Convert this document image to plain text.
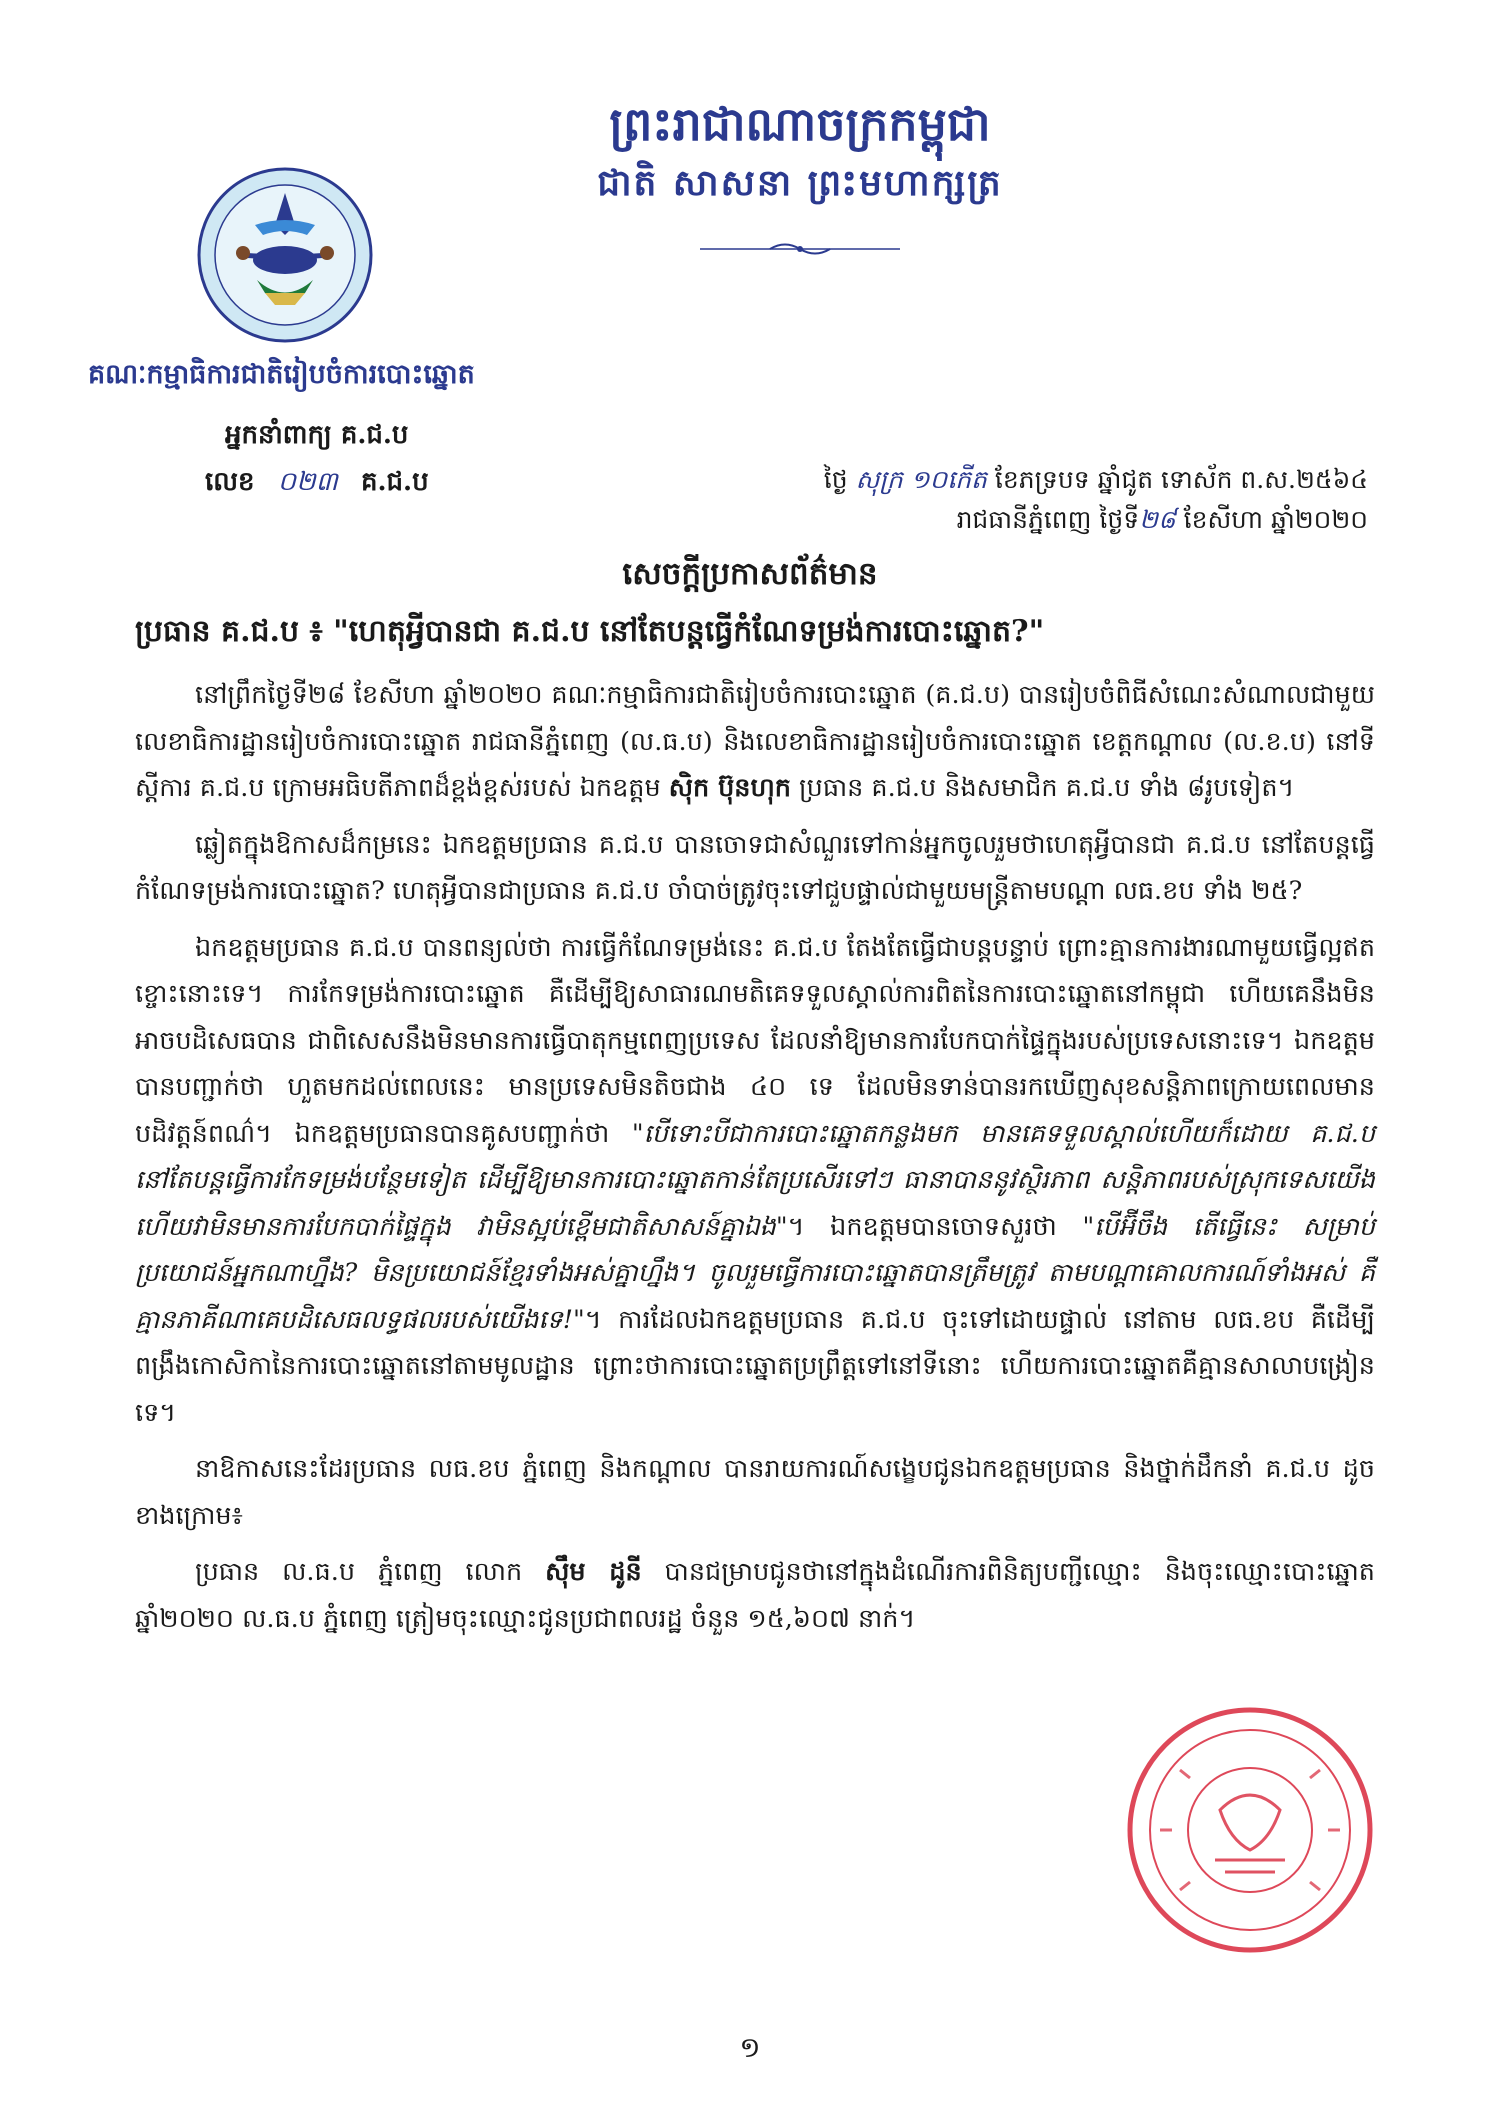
ព្រះរាជាណាចក្រកម្ពុជា
ជាតិ សាសនា ព្រះមហាក្សត្រ
គណៈកម្មាធិការជាតិរៀបចំការបោះឆ្នោត
អ្នកនាំពាក្យ គ.ជ.ប
លេខ ០២៣ គ.ជ.ប	ថ្ងៃ សុក្រ ១០កើត ខែភទ្របទ ឆ្នាំជូត ទោស័ក ព.ស.២៥៦៤
រាជធានីភ្នំពេញ ថ្ងៃទី២៨ ខែសីហា ឆ្នាំ២០២០
សេចក្ដីប្រកាសព័ត៌មាន
ប្រធាន គ.ជ.ប ៖ "ហេតុអ្វីបានជា គ.ជ.ប នៅតែបន្តធ្វើកំណែទម្រង់ការបោះឆ្នោត?"

នៅព្រឹកថ្ងៃទី២៨ ខែសីហា ឆ្នាំ២០២០ គណៈកម្មាធិការជាតិរៀបចំការបោះឆ្នោត (គ.ជ.ប) បានរៀបចំពិធីសំណេះសំណាលជាមួយលេខាធិការដ្ឋានរៀបចំការបោះឆ្នោត រាជធានីភ្នំពេញ (ល.ធ.ប) និងលេខាធិការដ្ឋានរៀបចំការបោះឆ្នោត ខេត្តកណ្ដាល (ល.ខ.ប) នៅទីស្ដីការ គ.ជ.ប ក្រោមអធិបតីភាពដ៏ខ្ពង់ខ្ពស់របស់ ឯកឧត្តម ស៊ិក ប៊ុនហុក ប្រធាន គ.ជ.ប និងសមាជិក គ.ជ.ប ទាំង ៨រូបទៀត។

ឆ្លៀតក្នុងឱកាសដ៏កម្រនេះ ឯកឧត្តមប្រធាន គ.ជ.ប បានចោទជាសំណួរទៅកាន់អ្នកចូលរួមថាហេតុអ្វីបានជា គ.ជ.ប នៅតែបន្តធ្វើកំណែទម្រង់ការបោះឆ្នោត? ហេតុអ្វីបានជាប្រធាន គ.ជ.ប ចាំបាច់ត្រូវចុះទៅជួបផ្ទាល់ជាមួយមន្ត្រីតាមបណ្ដា លធ.ខប ទាំង ២៥?

ឯកឧត្តមប្រធាន គ.ជ.ប បានពន្យល់ថា ការធ្វើកំណែទម្រង់នេះ គ.ជ.ប តែងតែធ្វើជាបន្តបន្ទាប់ ព្រោះគ្មានការងារណាមួយធ្វើល្អឥតខ្ចោះនោះទេ។ ការកែទម្រង់ការបោះឆ្នោត គឺដើម្បីឱ្យសាធារណមតិគេទទួលស្គាល់ការពិតនៃការបោះឆ្នោតនៅកម្ពុជា ហើយគេនឹងមិនអាចបដិសេធបាន ជាពិសេសនឹងមិនមានការធ្វើបាតុកម្មពេញប្រទេស ដែលនាំឱ្យមានការបែកបាក់ផ្ទៃក្នុងរបស់ប្រទេសនោះទេ។ ឯកឧត្តមបានបញ្ជាក់ថា ហួតមកដល់ពេលនេះ មានប្រទេសមិនតិចជាង ៤០ ទេ ដែលមិនទាន់បានរកឃើញសុខសន្តិភាពក្រោយពេលមានបដិវត្តន៍ពណ៌។ ឯកឧត្តមប្រធានបានគូសបញ្ជាក់ថា "បើទោះបីជាការបោះឆ្នោតកន្លងមក មានគេទទួលស្គាល់ហើយក៏ដោយ គ.ជ.ប នៅតែបន្តធ្វើការកែទម្រង់បន្ថែមទៀត ដើម្បីឱ្យមានការបោះឆ្នោតកាន់តែប្រសើរទៅៗ ធានាបាននូវស្ថិរភាព សន្តិភាពរបស់ស្រុកទេសយើង ហើយវាមិនមានការបែកបាក់ផ្ទៃក្នុង វាមិនស្អប់ខ្ពើមជាតិសាសន៍គ្នាឯង"។ ឯកឧត្តមបានចោទសួរថា "បើអ៊ីចឹង តើធ្វើនេះ សម្រាប់ប្រយោជន៍អ្នកណាហ្នឹង? មិនប្រយោជន៍ខ្មែរទាំងអស់គ្នាហ្នឹង។ ចូលរួមធ្វើការបោះឆ្នោតបានត្រឹមត្រូវ តាមបណ្ដាគោលការណ៍ទាំងអស់ គឺគ្មានភាគីណាគេបដិសេធលទ្ធផលរបស់យើងទេ!"។ ការដែលឯកឧត្តមប្រធាន គ.ជ.ប ចុះទៅដោយផ្ទាល់ នៅតាម លធ.ខប គឺដើម្បីពង្រឹងកោសិកានៃការបោះឆ្នោតនៅតាមមូលដ្ឋាន ព្រោះថាការបោះឆ្នោតប្រព្រឹត្តទៅនៅទីនោះ ហើយការបោះឆ្នោតគឺគ្មានសាលាបង្រៀនទេ។

នាឱកាសនេះដែរប្រធាន លធ.ខប ភ្នំពេញ និងកណ្ដាល បានរាយការណ៍សង្ខេបជូនឯកឧត្តមប្រធាន និងថ្នាក់ដឹកនាំ គ.ជ.ប ដូចខាងក្រោម៖

ប្រធាន ល.ធ.ប ភ្នំពេញ លោក ស៊ឹម ដូនី បានជម្រាបជូនថានៅក្នុងដំណើរការពិនិត្យបញ្ជីឈ្មោះ និងចុះឈ្មោះបោះឆ្នោត ឆ្នាំ២០២០ ល.ធ.ប ភ្នំពេញ ត្រៀមចុះឈ្មោះជូនប្រជាពលរដ្ឋ ចំនួន ១៥,៦០៧ នាក់។

១
